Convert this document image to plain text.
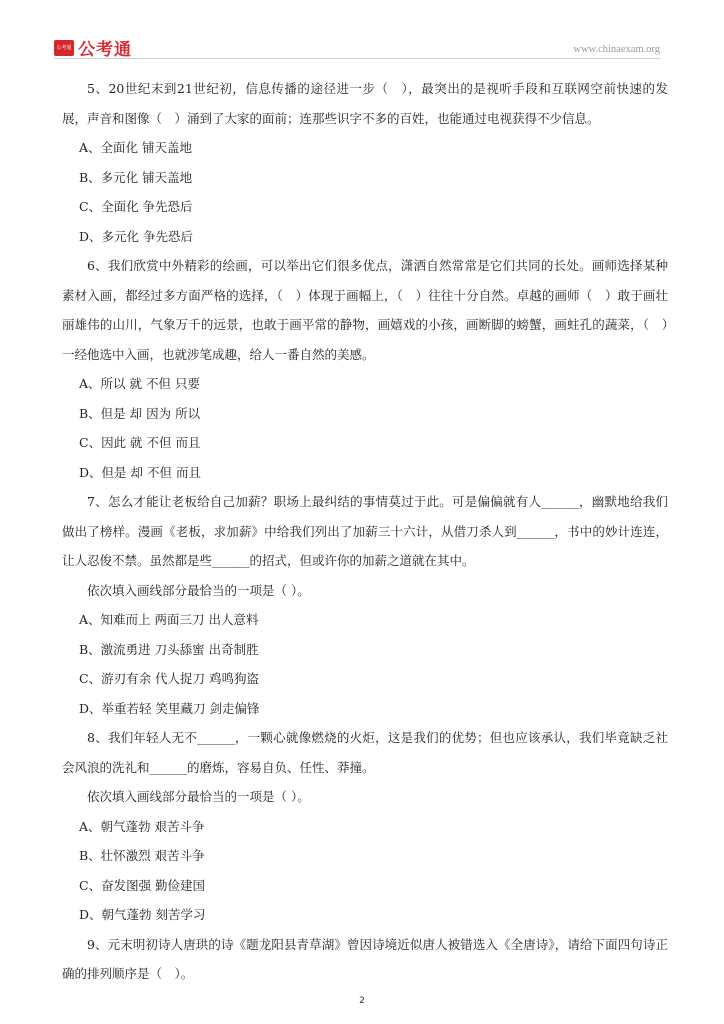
公考通 公考通	www.chinaexam.org

5、20世纪末到21世纪初，信息传播的途径进一步（　），最突出的是视听手段和互联网空前快速的发展，声音和图像（　）涌到了大家的面前；连那些识字不多的百姓，也能通过电视获得不少信息。

A、全面化 铺天盖地

B、多元化 铺天盖地

C、全面化 争先恐后

D、多元化 争先恐后

6、我们欣赏中外精彩的绘画，可以举出它们很多优点，潇洒自然常常是它们共同的长处。画师选择某种素材入画，都经过多方面严格的选择，（　）体现于画幅上，（　）往往十分自然。卓越的画师（　）敢于画壮丽雄伟的山川，气象万千的远景，也敢于画平常的静物，画嬉戏的小孩，画断脚的螃蟹，画蛀孔的蔬菜，（　）一经他选中入画，也就涉笔成趣，给人一番自然的美感。

A、所以 就 不但 只要

B、但是 却 因为 所以

C、因此 就 不但 而且

D、但是 却 不但 而且

7、怎么才能让老板给自己加薪？职场上最纠结的事情莫过于此。可是偏偏就有人______，幽默地给我们做出了榜样。漫画《老板，求加薪》中给我们列出了加薪三十六计，从借刀杀人到______，书中的妙计连连，让人忍俊不禁。虽然都是些______的招式，但或许你的加薪之道就在其中。

依次填入画线部分最恰当的一项是（ ）。

A、知难而上 两面三刀 出人意料

B、激流勇进 刀头舔蜜 出奇制胜

C、游刃有余 代人捉刀 鸡鸣狗盗

D、举重若轻 笑里藏刀 剑走偏锋

8、我们年轻人无不______，一颗心就像燃烧的火炬，这是我们的优势；但也应该承认，我们毕竟缺乏社会风浪的洗礼和______的磨炼，容易自负、任性、莽撞。

依次填入画线部分最恰当的一项是（ ）。

A、朝气蓬勃 艰苦斗争

B、壮怀激烈 艰苦斗争

C、奋发图强 勤俭建国

D、朝气蓬勃 刻苦学习

9、元末明初诗人唐珙的诗《题龙阳县青草湖》曾因诗境近似唐人被错选入《全唐诗》，请给下面四句诗正确的排列顺序是（　）。

2
